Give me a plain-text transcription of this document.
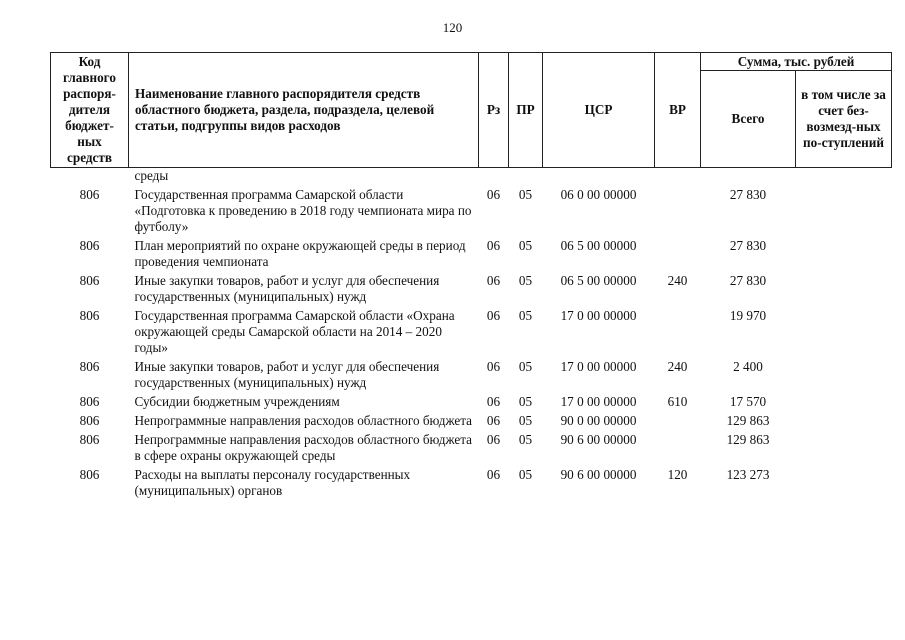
120
Код главного распоря-дителя бюджет-ных средств	Наименование главного распорядителя средств областного бюджета, раздела, подраздела, целевой статьи, подгруппы видов расходов	Рз	ПР	ЦСР	ВР	Сумма, тыс. рублей	
						Всего	в том числе за счет без-возмезд-ных по-ступлений
	среды						
806	Государственная программа Самарской области «Подготовка к проведению в 2018 году чемпионата мира по футболу»	06	05	06 0 00 00000		27 830	
806	План мероприятий по охране окружающей среды в период проведения чемпионата	06	05	06 5 00 00000		27 830	
806	Иные закупки товаров, работ и услуг для обеспечения государственных (муниципальных) нужд	06	05	06 5 00 00000	240	27 830	
806	Государственная программа Самарской области «Охрана окружающей среды Самарской области на 2014 – 2020 годы»	06	05	17 0 00 00000		19 970	
806	Иные закупки товаров, работ и услуг для обеспечения государственных (муниципальных) нужд	06	05	17 0 00 00000	240	2 400	
806	Субсидии бюджетным учреждениям	06	05	17 0 00 00000	610	17 570	
806	Непрограммные направления расходов областного бюджета	06	05	90 0 00 00000		129 863	
806	Непрограммные направления расходов областного бюджета в сфере охраны окружающей среды	06	05	90 6 00 00000		129 863	
806	Расходы на выплаты персоналу государственных (муниципальных) органов	06	05	90 6 00 00000	120	123 273	
